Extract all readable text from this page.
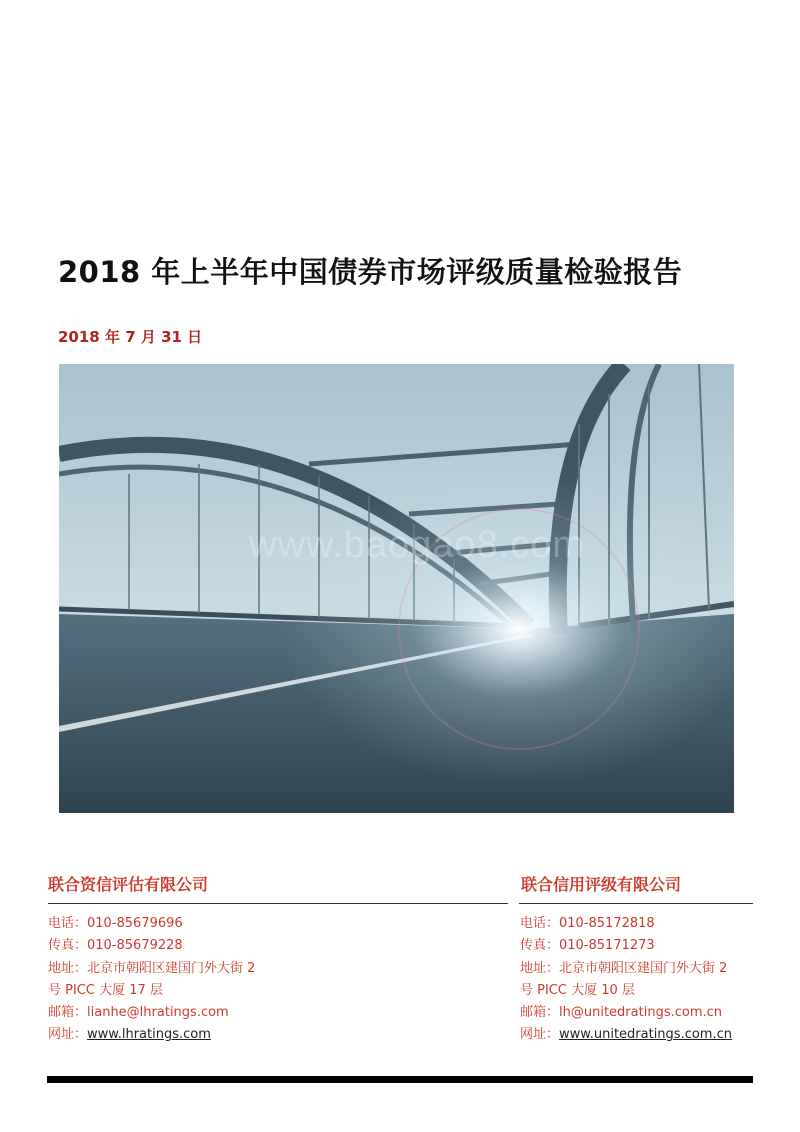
2018 年上半年中国债券市场评级质量检验报告
2018 年 7 月 31 日
www.baogao8.com
联合资信评估有限公司
电话：010-85679696
传真：010-85679228
地址：北京市朝阳区建国门外大街 2
号 PICC 大厦 17 层
邮箱：lianhe@lhratings.com
网址：www.lhratings.com
联合信用评级有限公司
电话：010-85172818
传真：010-85171273
地址：北京市朝阳区建国门外大街 2
号 PICC 大厦 10 层
邮箱：lh@unitedratings.com.cn
网址：www.unitedratings.com.cn
